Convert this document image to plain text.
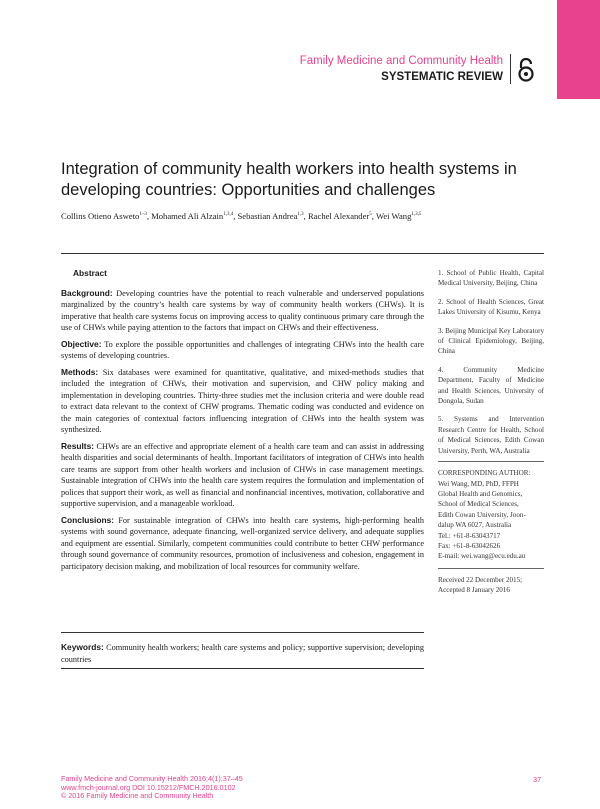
Family Medicine and Community Health
SYSTEMATIC REVIEW
Integration of community health workers into health systems in developing countries: Opportunities and challenges
Collins Otieno Asweto$^{1-3}$, Mohamed Ali Alzain$^{1,3,4}$, Sebastian Andrea$^{1,3}$, Rachel Alexander$^5$, Wei Wang$^{1,3,5}$

Abstract

Background: Developing countries have the potential to reach vulnerable and underserved populations marginalized by the country’s health care systems by way of community health workers (CHWs). It is imperative that health care systems focus on improving access to quality continuous primary care through the use of CHWs while paying attention to the factors that impact on CHWs and their effectiveness.

Objective: To explore the possible opportunities and challenges of integrating CHWs into the health care systems of developing countries.

Methods: Six databases were examined for quantitative, qualitative, and mixed-methods studies that included the integration of CHWs, their motivation and supervision, and CHW policy making and implementation in developing countries. Thirty-three studies met the inclusion criteria and were double read to extract data relevant to the context of CHW programs. Thematic coding was conducted and evidence on the main categories of contextual factors influencing integration of CHWs into the health system was synthesized.

Results: CHWs are an effective and appropriate element of a health care team and can assist in addressing health disparities and social determinants of health. Important facilitators of integration of CHWs into health care teams are support from other health workers and inclusion of CHWs in case management meetings. Sustainable integration of CHWs into the health care system requires the formulation and implementation of polices that support their work, as well as financial and nonfinancial incentives, motivation, collaborative and supportive supervision, and a manageable workload.

Conclusions: For sustainable integration of CHWs into health care systems, high-performing health systems with sound governance, adequate financing, well-organized service delivery, and adequate supplies and equipment are essential. Similarly, competent communities could contribute to better CHW performance through sound governance of community resources, promotion of inclusiveness and cohesion, engagement in participatory decision making, and mobilization of local resources for community welfare.

Keywords: Community health workers; health care systems and policy; supportive supervision; developing countries
1. School of Public Health, Capital Medical University, Beijing, China
2. School of Health Sciences, Great Lakes University of Kisumu, Kenya
3. Beijing Municipal Key Laboratory of Clinical Epidemiology, Beijing, China
4. Community Medicine Department, Faculty of Medicine and Health Sciences, University of Dongola, Sudan
5. Systems and Intervention Research Centre for Health, School of Medical Sciences, Edith Cowan University, Perth, WA, Australia

CORRESPONDING AUTHOR:

Wei Wang, MD, PhD, FFPH

Global Health and Genomics,

School of Medical Sciences,

Edith Cowan University, Joon-

dalup WA 6027, Australia

Tel.: +61-8-63043717

Fax: +61-8-63042626

E-mail: wei.wang@ecu.edu.au

Received 22 December 2015; Accepted 8 January 2016

Family Medicine and Community Health 2016;4(1):37–45
www.fmch-journal.org DOI 10.15212/FMCH.2016.0102
© 2016 Family Medicine and Community Health
37
